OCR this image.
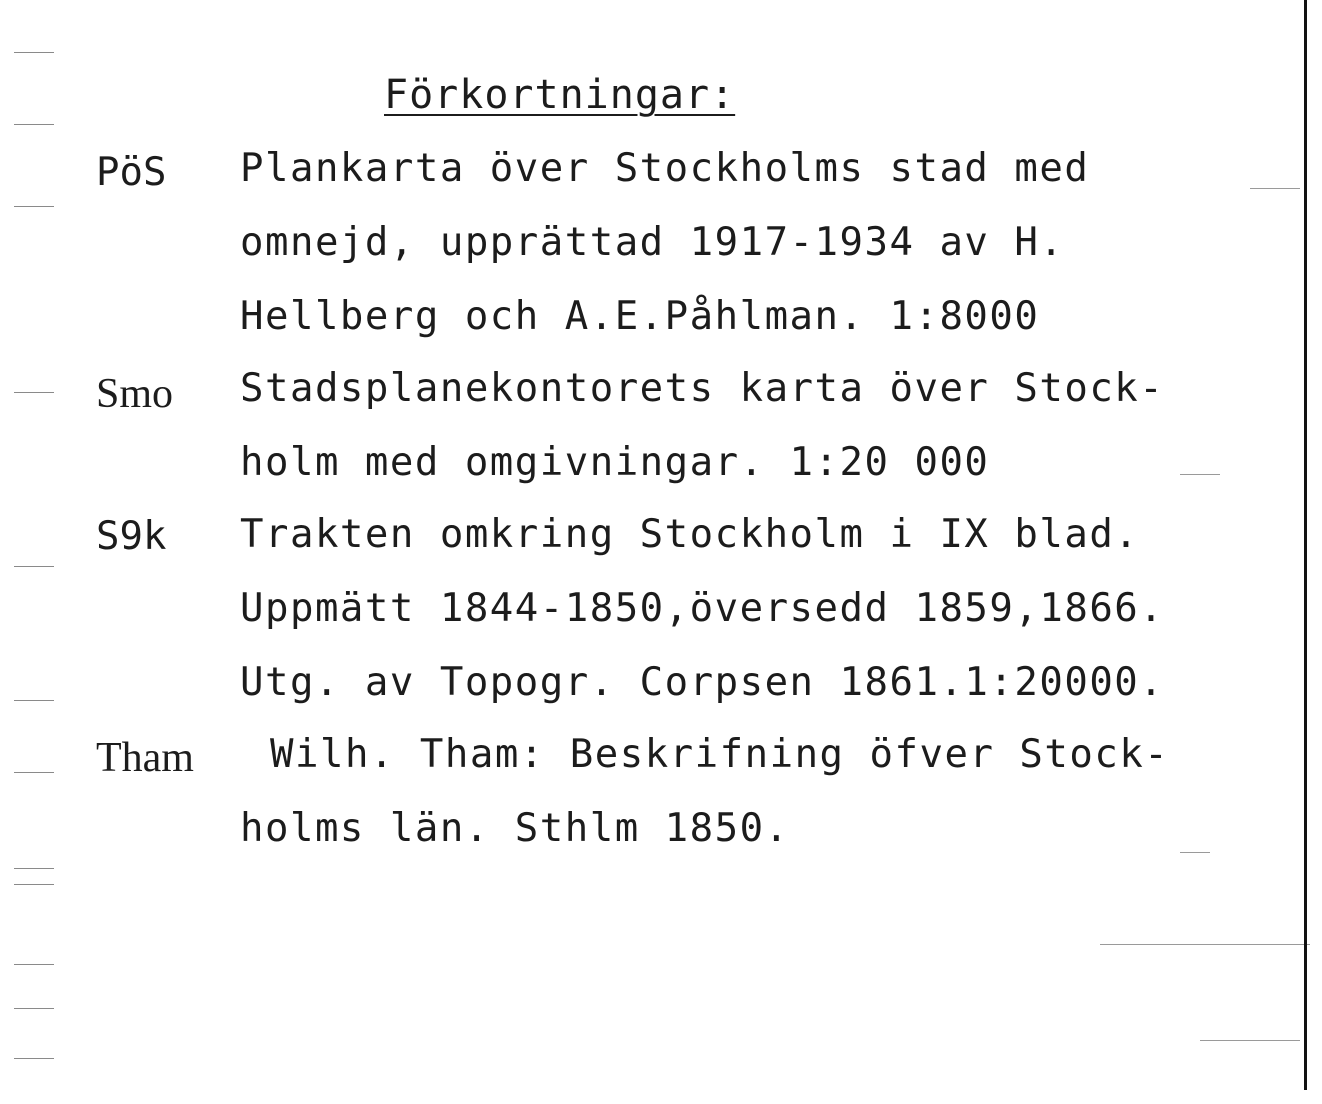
Förkortningar:
PöS Plankarta över Stockholms stad med
omnejd, upprättad 1917-1934 av H.
Hellberg och A.E.Påhlman. 1:8000
Smo Stadsplanekontorets karta över Stock-
holm med omgivningar. 1:20 000
S9k Trakten omkring Stockholm i IX blad.
Uppmätt 1844-1850,översedd 1859,1866.
Utg. av Topogr. Corpsen 1861.1:20000.
Tham Wilh. Tham: Beskrifning öfver Stock-
holms län. Sthlm 1850.
